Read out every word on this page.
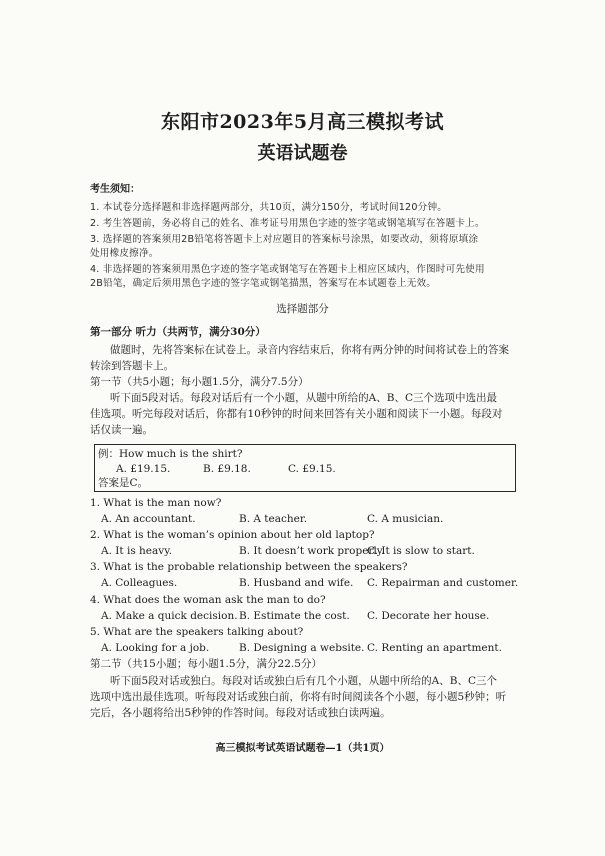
东阳市2023年5月高三模拟考试
英语试题卷
考生须知：
1. 本试卷分选择题和非选择题两部分，共10页，满分150分，考试时间120分钟。
2. 考生答题前，务必将自己的姓名、准考证号用黑色字迹的签字笔或钢笔填写在答题卡上。
3. 选择题的答案须用2B铅笔将答题卡上对应题目的答案标号涂黑，如要改动，须将原填涂
处用橡皮擦净。
4. 非选择题的答案须用黑色字迹的签字笔或钢笔写在答题卡上相应区域内，作图时可先使用
2B铅笔，确定后须用黑色字迹的签字笔或钢笔描黑，答案写在本试题卷上无效。
选择题部分
第一部分 听力（共两节，满分30分）
做题时，先将答案标在试卷上。录音内容结束后，你将有两分钟的时间将试卷上的答案
转涂到答题卡上。
第一节（共5小题；每小题1.5分，满分7.5分）
听下面5段对话。每段对话后有一个小题，从题中所给的A、B、C三个选项中选出最
佳选项。听完每段对话后，你都有10秒钟的时间来回答有关小题和阅读下一小题。每段对
话仅读一遍。
例：How much is the shirt?
A. £19.15.	B. £9.18.	C. £9.15.
答案是C。
1. What is the man now?
A. An accountant.	B. A teacher.	C. A musician.
2. What is the woman’s opinion about her old laptop?
A. It is heavy.	B. It doesn’t work properly.
C. It is slow to start.
3. What is the probable relationship between the speakers?
A. Colleagues.	B. Husband and wife. C. Repairman and customer.
4. What does the woman ask the man to do?
A. Make a quick decision. B. Estimate the cost. C. Decorate her house.
5. What are the speakers talking about?
A. Looking for a job.	B. Designing a website. C. Renting an apartment.
第二节（共15小题；每小题1.5分，满分22.5分）
听下面5段对话或独白。每段对话或独白后有几个小题，从题中所给的A、B、C三个
选项中选出最佳选项。听每段对话或独白前，你将有时间阅读各个小题，每小题5秒钟；听
完后，各小题将给出5秒钟的作答时间。每段对话或独白读两遍。
高三模拟考试英语试题卷—1（共1页）
